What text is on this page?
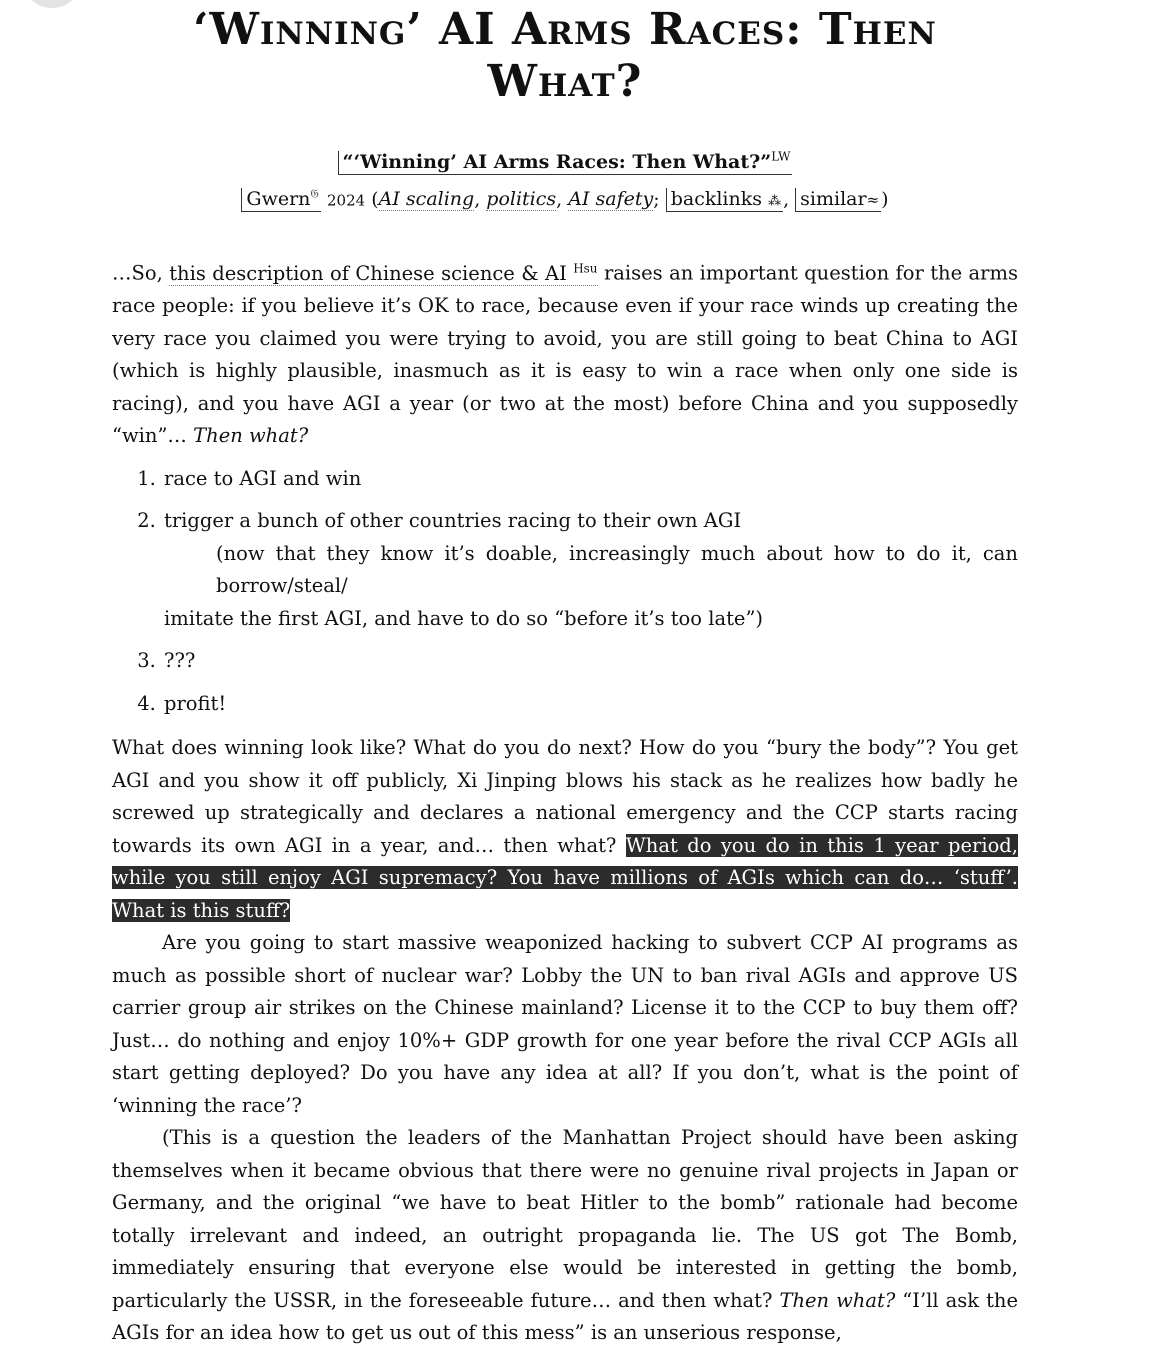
‘Winning’ AI Arms Races: Then What?
“‘Winning’ AI Arms Races: Then What?”$^{LW}$
Gwern$^𝔊$ 2024 (AI scaling, politics, AI safety; backlinks ⁂ , similar≈ )

…So, this description of Chinese science & AI $^{Hsu}$ raises an important question for the arms race people: if you believe it’s OK to race, because even if your race winds up creating the very race you claimed you were trying to avoid, you are still going to beat China to AGI (which is highly plausible, inasmuch as it is easy to win a race when only one side is racing), and you have AGI a year (or two at the most) before China and you supposedly “win”… Then what?

1. race to AGI and win
2. trigger a bunch of other countries racing to their own AGI

(now that they know it’s doable, increasingly much about how to do it, can borrow/steal/
imitate the first AGI, and have to do so “before it’s too late”)
3. ???
4. profit!

What does winning look like? What do you do next? How do you “bury the body”? You get AGI and you show it off publicly, Xi Jinping blows his stack as he realizes how badly he screwed up strategically and declares a national emergency and the CCP starts racing towards its own AGI in a year, and… then what? What do you do in this 1 year period, while you still enjoy AGI supremacy? You have millions of AGIs which can do… ‘stuff’. What is this stuff?

Are you going to start massive weaponized hacking to subvert CCP AI programs as much as possible short of nuclear war? Lobby the UN to ban rival AGIs and approve US carrier group air strikes on the Chinese mainland? License it to the CCP to buy them off? Just… do nothing and enjoy 10%+ GDP growth for one year before the rival CCP AGIs all start getting deployed? Do you have any idea at all? If you don’t, what is the point of ‘winning the race’?

(This is a question the leaders of the Manhattan Project should have been asking themselves when it became obvious that there were no genuine rival projects in Japan or Germany, and the original “we have to beat Hitler to the bomb” rationale had become totally irrelevant and indeed, an outright propaganda lie. The US got The Bomb, immediately ensuring that everyone else would be interested in getting the bomb, particularly the USSR, in the foreseeable future… and then what? Then what? “I’ll ask the AGIs for an idea how to get us out of this mess” is an unserious response,
